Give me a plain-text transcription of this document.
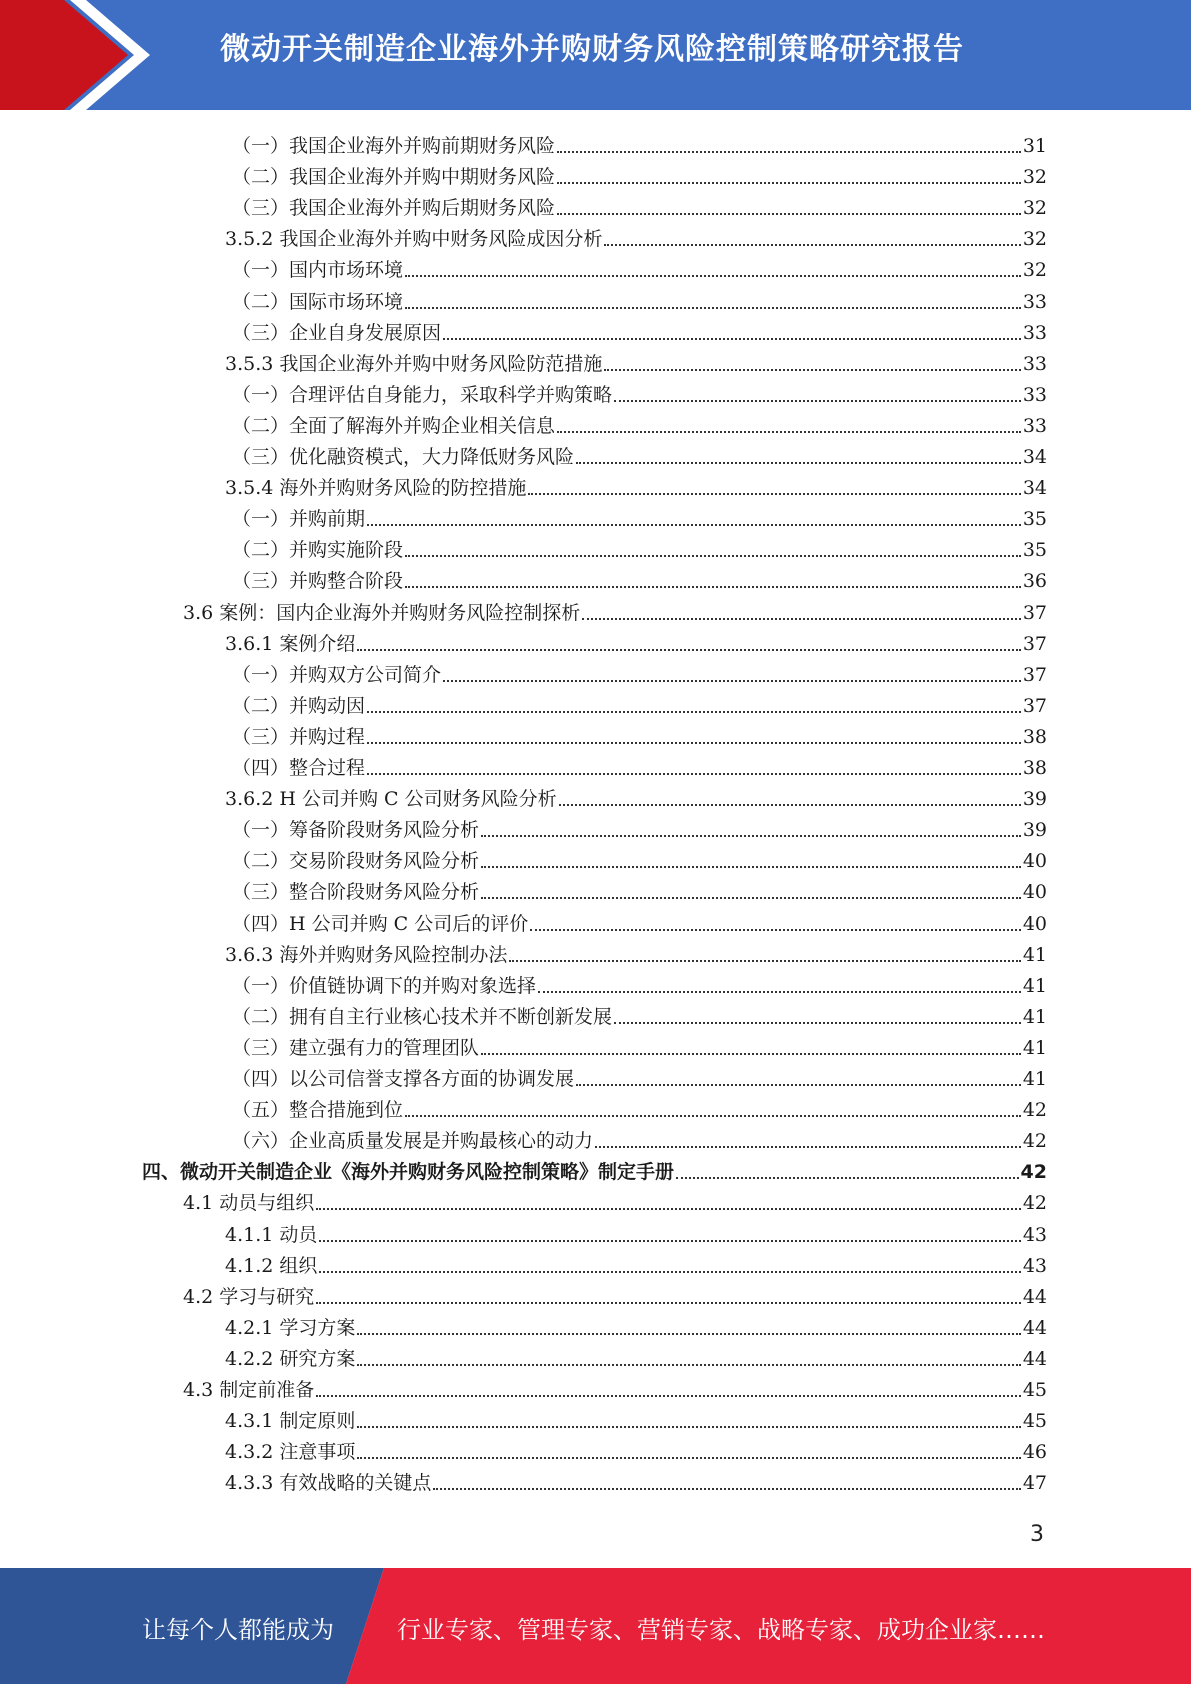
微动开关制造企业海外并购财务风险控制策略研究报告
（一）我国企业海外并购前期财务风险	31
（二）我国企业海外并购中期财务风险	32
（三）我国企业海外并购后期财务风险	32
3.5.2 我国企业海外并购中财务风险成因分析	32
（一）国内市场环境	32
（二）国际市场环境	33
（三）企业自身发展原因	33
3.5.3 我国企业海外并购中财务风险防范措施	33
（一）合理评估自身能力，采取科学并购策略	33
（二）全面了解海外并购企业相关信息	33
（三）优化融资模式，大力降低财务风险	34
3.5.4 海外并购财务风险的防控措施	34
（一）并购前期	35
（二）并购实施阶段	35
（三）并购整合阶段	36
3.6 案例：国内企业海外并购财务风险控制探析	37
3.6.1 案例介绍	37
（一）并购双方公司简介	37
（二）并购动因	37
（三）并购过程	38
（四）整合过程	38
3.6.2 H 公司并购 C 公司财务风险分析	39
（一）筹备阶段财务风险分析	39
（二）交易阶段财务风险分析	40
（三）整合阶段财务风险分析	40
（四）H 公司并购 C 公司后的评价	40
3.6.3 海外并购财务风险控制办法	41
（一）价值链协调下的并购对象选择	41
（二）拥有自主行业核心技术并不断创新发展	41
（三）建立强有力的管理团队	41
（四）以公司信誉支撑各方面的协调发展	41
（五）整合措施到位	42
（六）企业高质量发展是并购最核心的动力	42
四、微动开关制造企业《海外并购财务风险控制策略》制定手册	42
4.1 动员与组织	42
4.1.1 动员	43
4.1.2 组织	43
4.2 学习与研究	44
4.2.1 学习方案	44
4.2.2 研究方案	44
4.3 制定前准备	45
4.3.1 制定原则	45
4.3.2 注意事项	46
4.3.3 有效战略的关键点	47
3
让每个人都能成为	行业专家、管理专家、营销专家、战略专家、成功企业家……
